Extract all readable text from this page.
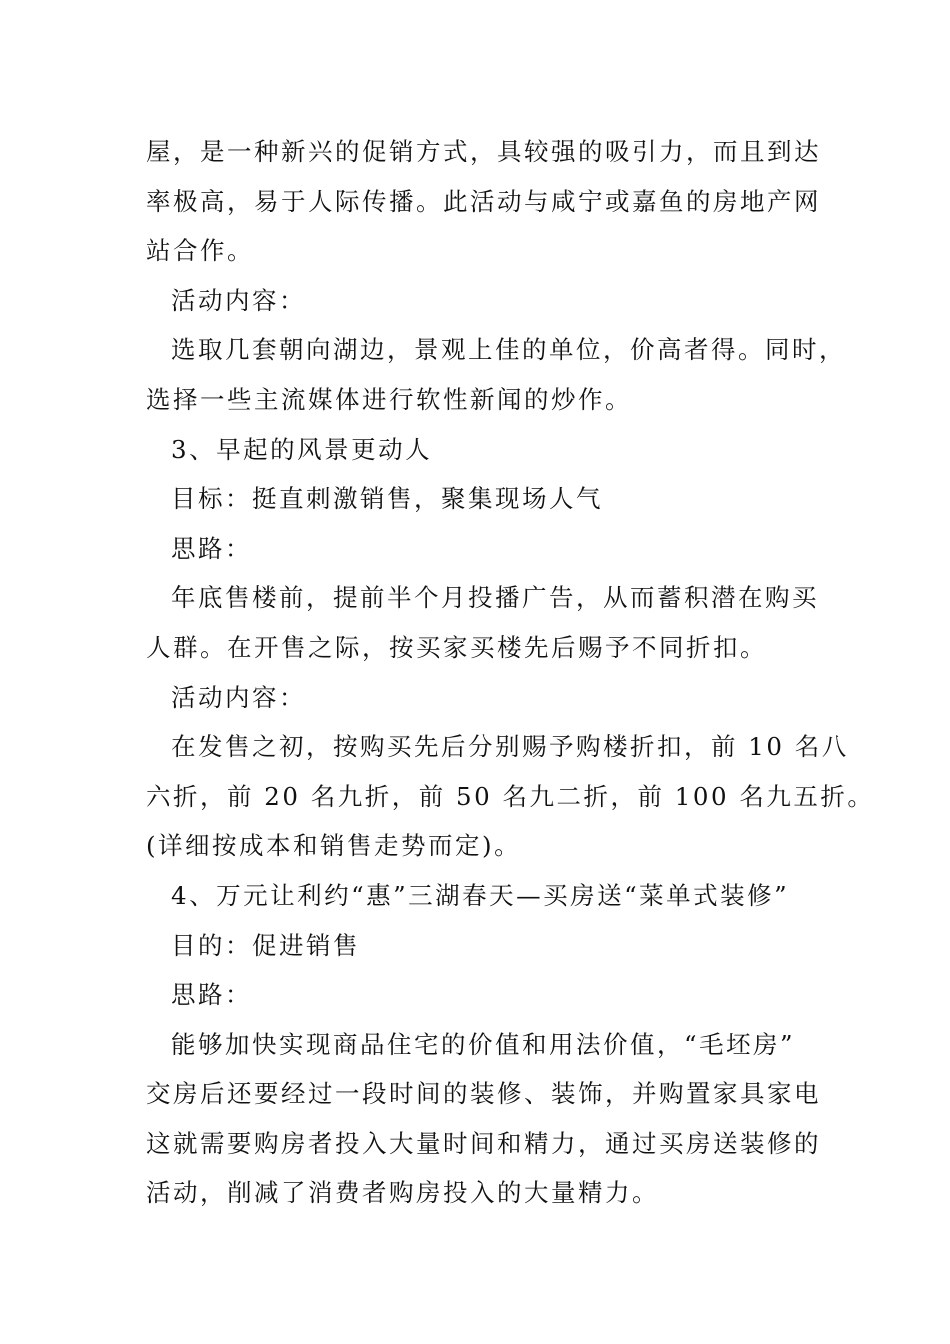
屋，是一种新兴的促销方式，具较强的吸引力，而且到达

率极高，易于人际传播。此活动与咸宁或嘉鱼的房地产网

站合作。

活动内容：

选取几套朝向湖边，景观上佳的单位，价高者得。同时，

选择一些主流媒体进行软性新闻的炒作。

3、早起的风景更动人

目标：挺直刺激销售，聚集现场人气

思路：

年底售楼前，提前半个月投播广告，从而蓄积潜在购买

人群。在开售之际，按买家买楼先后赐予不同折扣。

活动内容：

在发售之初，按购买先后分别赐予购楼折扣，前 10 名八

六折，前 20 名九折，前 50 名九二折，前 100 名九五折。

(详细按成本和销售走势而定)。

4、万元让利约“惠”三湖春天—买房送“菜单式装修”

目的：促进销售

思路：

能够加快实现商品住宅的价值和用法价值，“毛坯房”

交房后还要经过一段时间的装修、装饰，并购置家具家电

这就需要购房者投入大量时间和精力，通过买房送装修的

活动，削减了消费者购房投入的大量精力。
